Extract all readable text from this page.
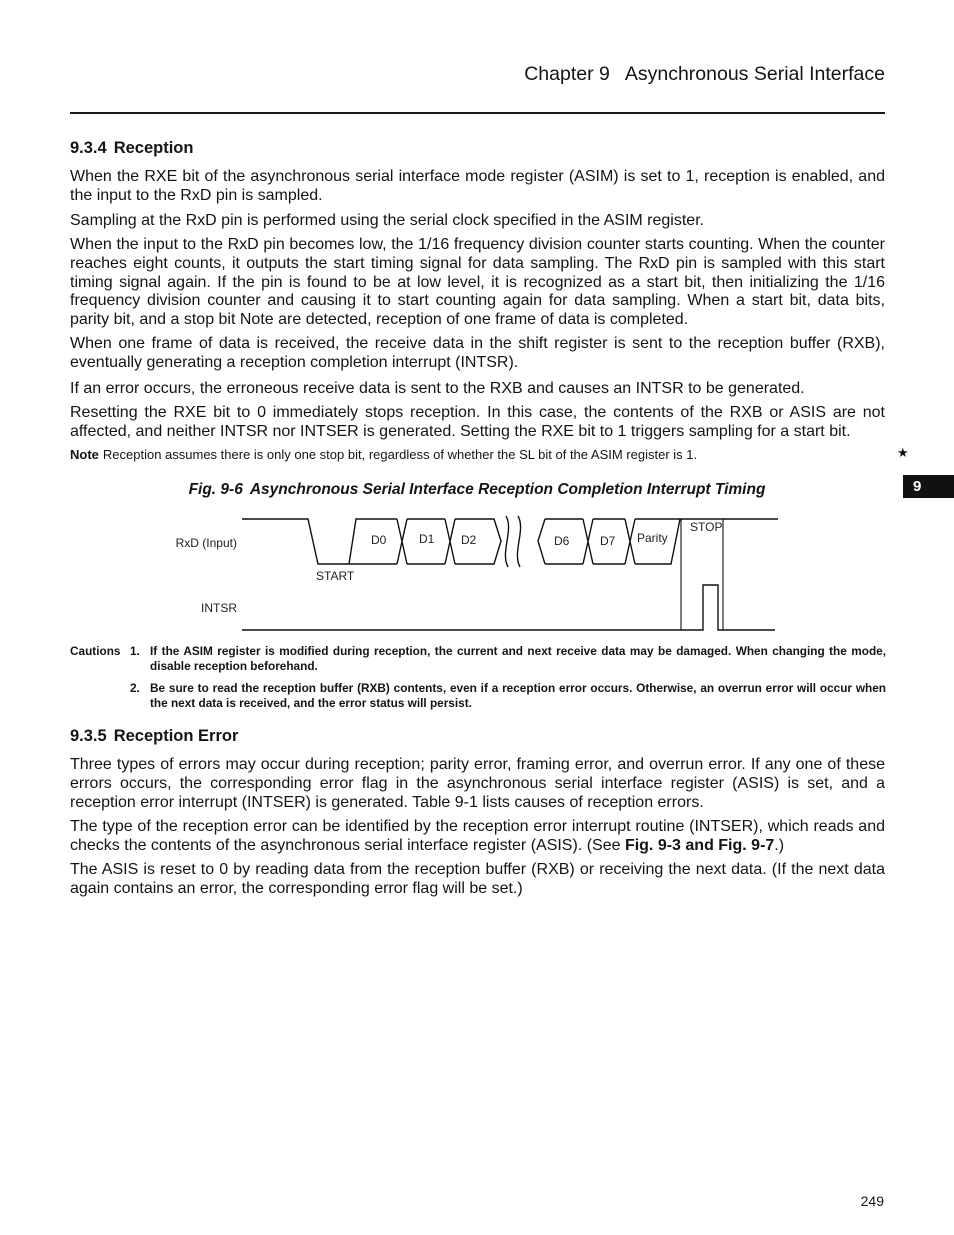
Chapter 9 Asynchronous Serial Interface
9.3.4 Reception

When the RXE bit of the asynchronous serial interface mode register (ASIM) is set to 1, reception is enabled, and the input to the RxD pin is sampled.

Sampling at the RxD pin is performed using the serial clock specified in the ASIM register.

When the input to the RxD pin becomes low, the 1/16 frequency division counter starts counting. When the counter reaches eight counts, it outputs the start timing signal for data sampling. The RxD pin is sampled with this start timing signal again. If the pin is found to be at low level, it is recognized as a start bit, then initializing the 1/16 frequency division counter and causing it to start counting again for data sampling. When a start bit, data bits, parity bit, and a stop bit Note are detected, reception of one frame of data is completed.

When one frame of data is received, the receive data in the shift register is sent to the reception buffer (RXB), eventually generating a reception completion interrupt (INTSR).

If an error occurs, the erroneous receive data is sent to the RXB and causes an INTSR to be generated.

Resetting the RXE bit to 0 immediately stops reception. In this case, the contents of the RXB or ASIS are not affected, and neither INTSR nor INTSER is generated. Setting the RXE bit to 1 triggers sampling for a start bit.

Note Reception assumes there is only one stop bit, regardless of whether the SL bit of the ASIM register is 1.	★
9
Fig. 9-6 Asynchronous Serial Interface Reception Completion Interrupt Timing
RxD (Input)
INTSR
START
D0	D1 D2	D6	D7 Parity
STOP
Cautions 1. If the ASIM register is modified during reception, the current and next receive data may be damaged. When changing the mode, disable reception beforehand.
2. Be sure to read the reception buffer (RXB) contents, even if a reception error occurs. Otherwise, an overrun error will occur when the next data is received, and the error status will persist.
9.3.5 Reception Error

Three types of errors may occur during reception; parity error, framing error, and overrun error. If any one of these errors occurs, the corresponding error flag in the asynchronous serial interface register (ASIS) is set, and a reception error interrupt (INTSER) is generated. Table 9-1 lists causes of reception errors.

The type of the reception error can be identified by the reception error interrupt routine (INTSER), which reads and checks the contents of the asynchronous serial interface register (ASIS). (See Fig. 9-3 and Fig. 9-7.)

The ASIS is reset to 0 by reading data from the reception buffer (RXB) or receiving the next data. (If the next data again contains an error, the corresponding error flag will be set.)

249
